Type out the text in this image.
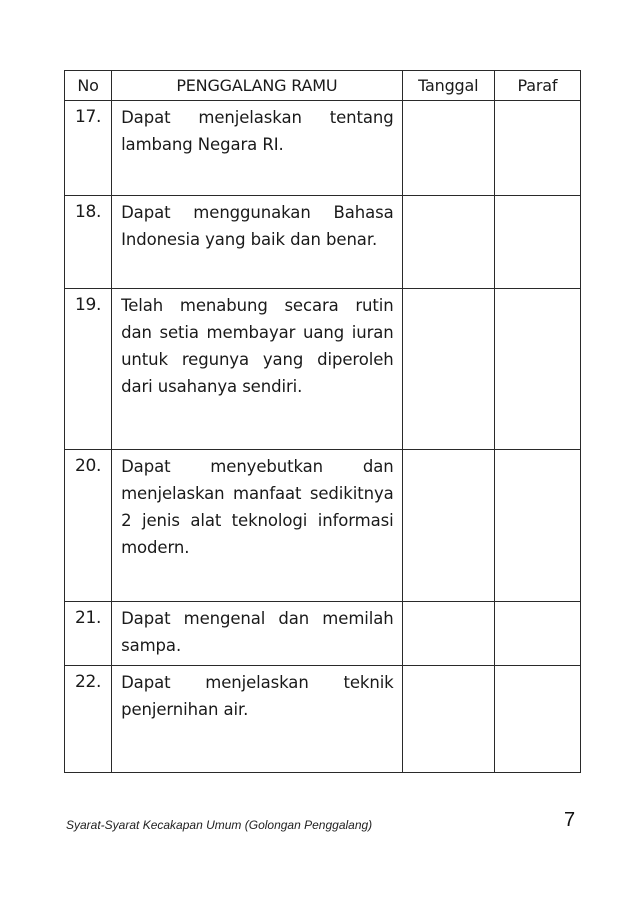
No	PENGGALANG RAMU	Tanggal	Paraf
17.	Dapat menjelaskan tentang lambang Negara RI.		
18.	Dapat menggunakan Bahasa Indonesia yang baik dan benar.		
19.	Telah menabung secara rutin dan setia membayar uang iuran untuk regunya yang diperoleh dari usahanya sendiri.		
20.	Dapat menyebutkan dan menjelaskan manfaat sedikitnya 2 jenis alat teknologi informasi modern.		
21.	Dapat mengenal dan memilah sampa.		
22.	Dapat menjelaskan teknik penjernihan air.		
Syarat-Syarat Kecakapan Umum (Golongan Penggalang)	7
